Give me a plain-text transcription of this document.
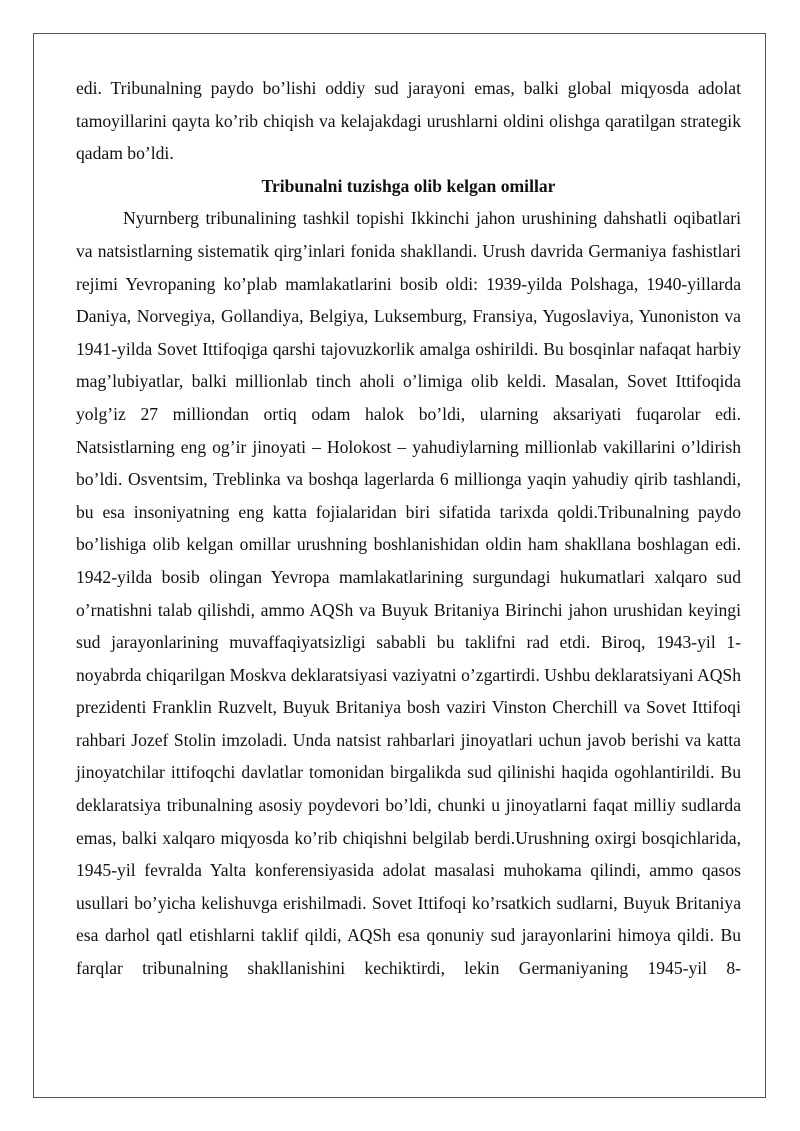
edi. Tribunalning paydo bo’lishi oddiy sud jarayoni emas, balki global miqyosda adolat tamoyillarini qayta ko’rib chiqish va kelajakdagi urushlarni oldini olishga qaratilgan strategik qadam bo’ldi.

Tribunalni tuzishga olib kelgan omillar

Nyurnberg tribunalining tashkil topishi Ikkinchi jahon urushining dahshatli oqibatlari va natsistlarning sistematik qirg’inlari fonida shakllandi. Urush davrida Germaniya fashistlari rejimi Yevropaning ko’plab mamlakatlarini bosib oldi: 1939-yilda Polshaga, 1940-yillarda Daniya, Norvegiya, Gollandiya, Belgiya, Luksemburg, Fransiya, Yugoslaviya, Yunoniston va 1941-yilda Sovet Ittifoqiga qarshi tajovuzkorlik amalga oshirildi. Bu bosqinlar nafaqat harbiy mag’lubiyatlar, balki millionlab tinch aholi o’limiga olib keldi. Masalan, Sovet Ittifoqida yolg’iz 27 milliondan ortiq odam halok bo’ldi, ularning aksariyati fuqarolar edi. Natsistlarning eng og’ir jinoyati – Holokost – yahudiylarning millionlab vakillarini o’ldirish bo’ldi. Osventsim, Treblinka va boshqa lagerlarda 6 millionga yaqin yahudiy qirib tashlandi, bu esa insoniyatning eng katta fojialaridan biri sifatida tarixda qoldi.Tribunalning paydo bo’lishiga olib kelgan omillar urushning boshlanishidan oldin ham shakllana boshlagan edi. 1942-yilda bosib olingan Yevropa mamlakatlarining surgundagi hukumatlari xalqaro sud o’rnatishni talab qilishdi, ammo AQSh va Buyuk Britaniya Birinchi jahon urushidan keyingi sud jarayonlarining muvaffaqiyatsizligi sababli bu taklifni rad etdi. Biroq, 1943-yil 1-noyabrda chiqarilgan Moskva deklaratsiyasi vaziyatni o’zgartirdi. Ushbu deklaratsiyani AQSh prezidenti Franklin Ruzvelt, Buyuk Britaniya bosh vaziri Vinston Cherchill va Sovet Ittifoqi rahbari Jozef Stolin imzoladi. Unda natsist rahbarlari jinoyatlari uchun javob berishi va katta jinoyatchilar ittifoqchi davlatlar tomonidan birgalikda sud qilinishi haqida ogohlantirildi. Bu deklaratsiya tribunalning asosiy poydevori bo’ldi, chunki u jinoyatlarni faqat milliy sudlarda emas, balki xalqaro miqyosda ko’rib chiqishni belgilab berdi.Urushning oxirgi bosqichlarida, 1945-yil fevralda Yalta konferensiyasida adolat masalasi muhokama qilindi, ammo qasos usullari bo’yicha kelishuvga erishilmadi. Sovet Ittifoqi ko’rsatkich sudlarni, Buyuk Britaniya esa darhol qatl etishlarni taklif qildi, AQSh esa qonuniy sud jarayonlarini himoya qildi. Bu farqlar tribunalning shakllanishini kechiktirdi, lekin Germaniyaning 1945-yil 8-
